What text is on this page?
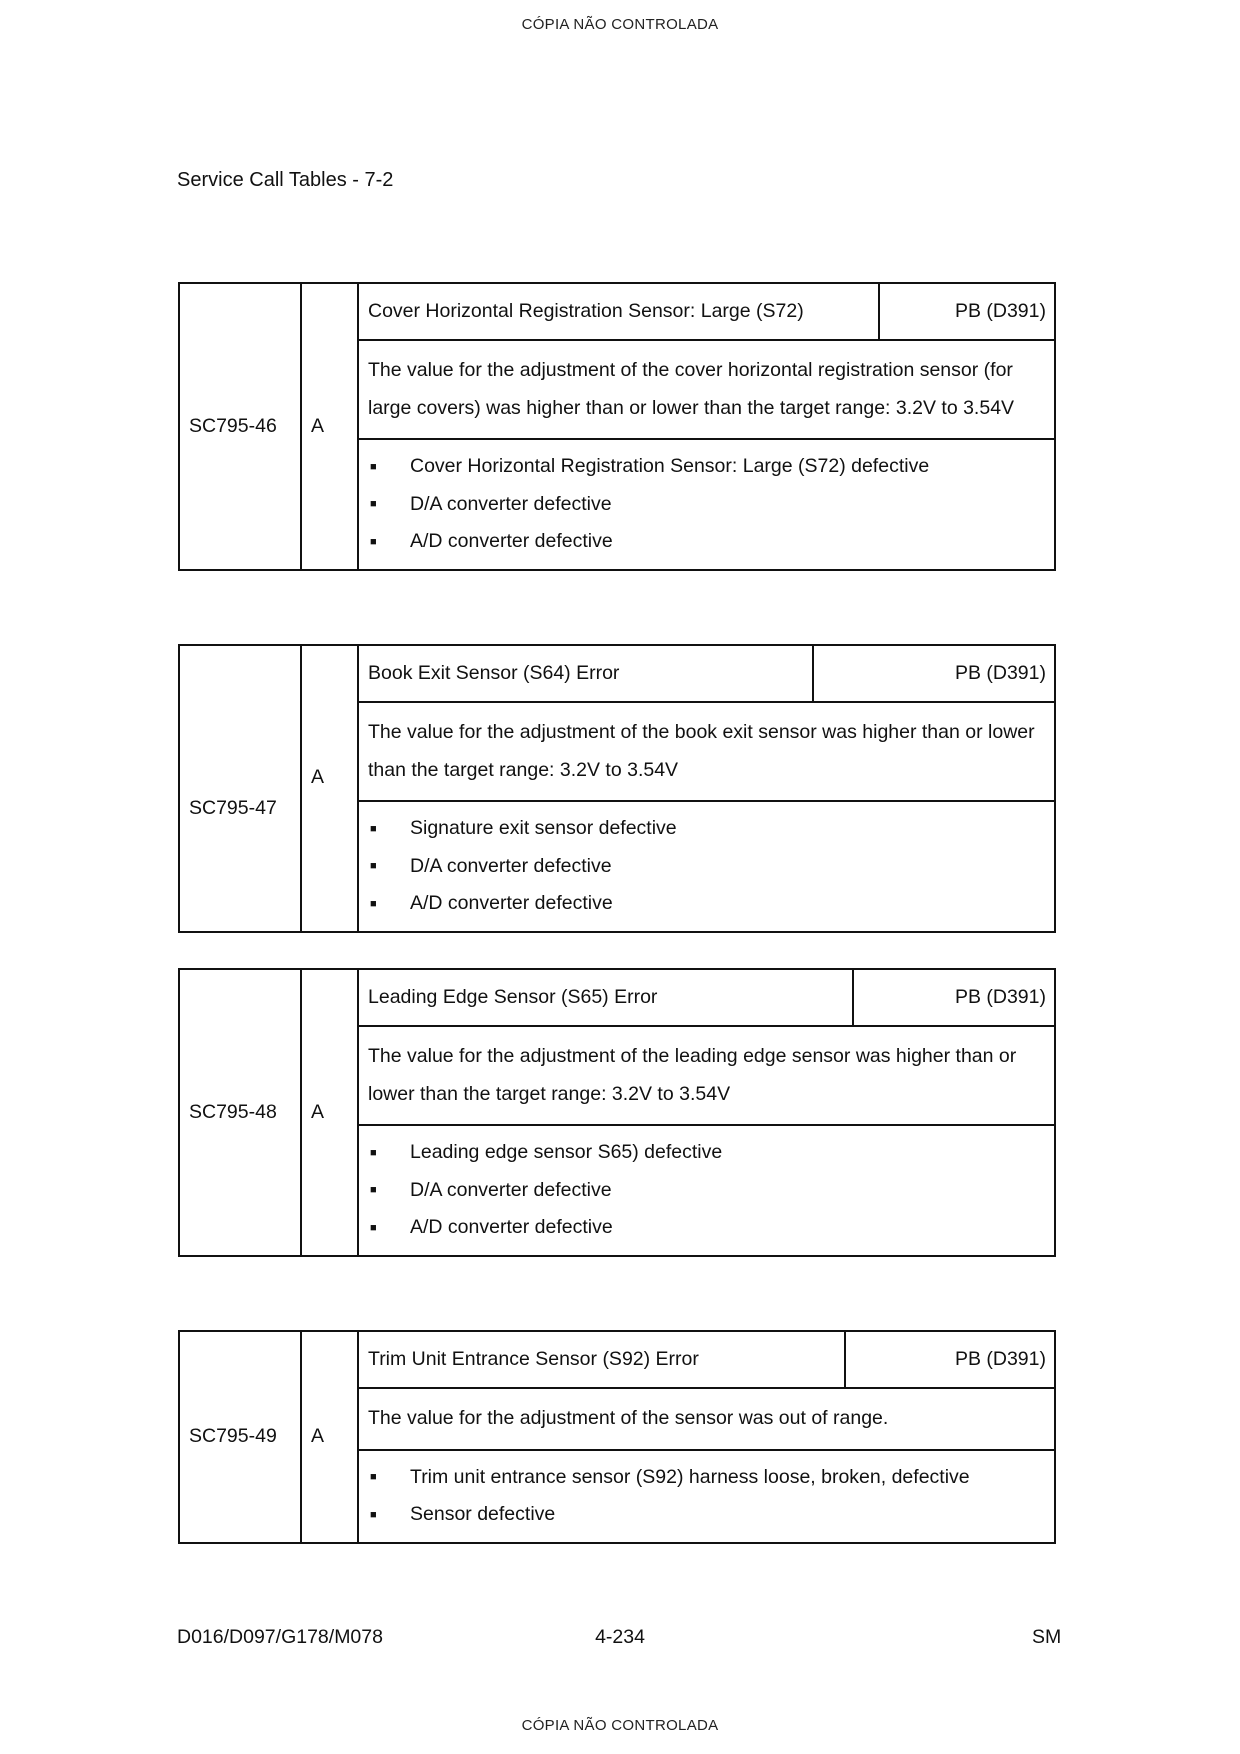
CÓPIA NÃO CONTROLADA
Service Call Tables - 7-2
SC795-46	A	Cover Horizontal Registration Sensor: Large (S72)	PB (D391)
The value for the adjustment of the cover horizontal registration sensor (for large covers) was higher than or lower than the target range: 3.2V to 3.54V

■	Cover Horizontal Registration Sensor: Large (S72) defective
■	D/A converter defective
■	A/D converter defective
SC795-47	A	Book Exit Sensor (S64) Error	PB (D391)
The value for the adjustment of the book exit sensor was higher than or lower than the target range: 3.2V to 3.54V

■	Signature exit sensor defective
■	D/A converter defective
■	A/D converter defective
SC795-48	A	Leading Edge Sensor (S65) Error	PB (D391)
The value for the adjustment of the leading edge sensor was higher than or lower than the target range: 3.2V to 3.54V

■	Leading edge sensor S65) defective
■	D/A converter defective
■	A/D converter defective
SC795-49	A	Trim Unit Entrance Sensor (S92) Error	PB (D391)
The value for the adjustment of the sensor was out of range.

■	Trim unit entrance sensor (S92) harness loose, broken, defective
■	Sensor defective
D016/D097/G178/M078	4-234	SM
CÓPIA NÃO CONTROLADA
